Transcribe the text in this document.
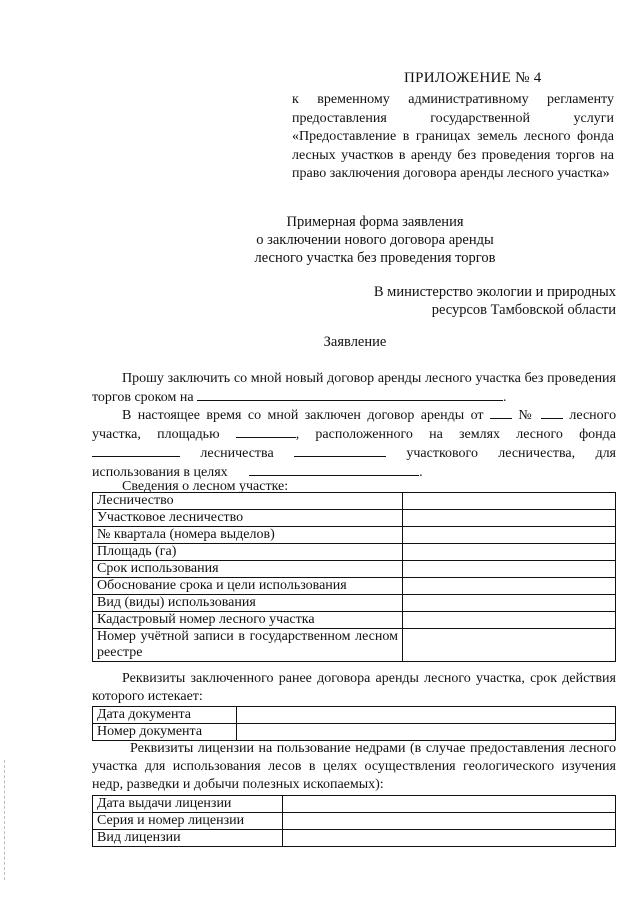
ПРИЛОЖЕНИЕ № 4
к временному административному регламенту предоставления государственной услуги «Предоставление в границах земель лесного фонда лесных участков в аренду без проведения торгов на право заключения договора аренды лесного участка»
Примерная форма заявления
о заключении нового договора аренды
лесного участка без проведения торгов
В министерство экологии и природных
ресурсов Тамбовской области
Заявление

Прошу заключить со мной новый договор аренды лесного участка без проведения торгов сроком на	.

В настоящее время со мной заключен договор аренды от № лесного участка, площадью	, расположенного на землях лесного фонда  лесничества	участкового лесничества, для использования в целях	.

Сведения о лесном участке:
Лесничество	
Участковое лесничество	
№ квартала (номера выделов)	
Площадь (га)	
Срок использования	
Обоснование срока и цели использования	
Вид (виды) использования	
Кадастровый номер лесного участка	
Номер учётной записи в государственном лесном реестре	
Реквизиты заключенного ранее договора аренды лесного участка, срок действия которого истекает:
Дата документа	
Номер документа	
Реквизиты лицензии на пользование недрами (в случае предоставления лесного участка для использования лесов в целях осуществления геологического изучения недр, разведки и добычи полезных ископаемых):
Дата выдачи лицензии	
Серия и номер лицензии	
Вид лицензии	
